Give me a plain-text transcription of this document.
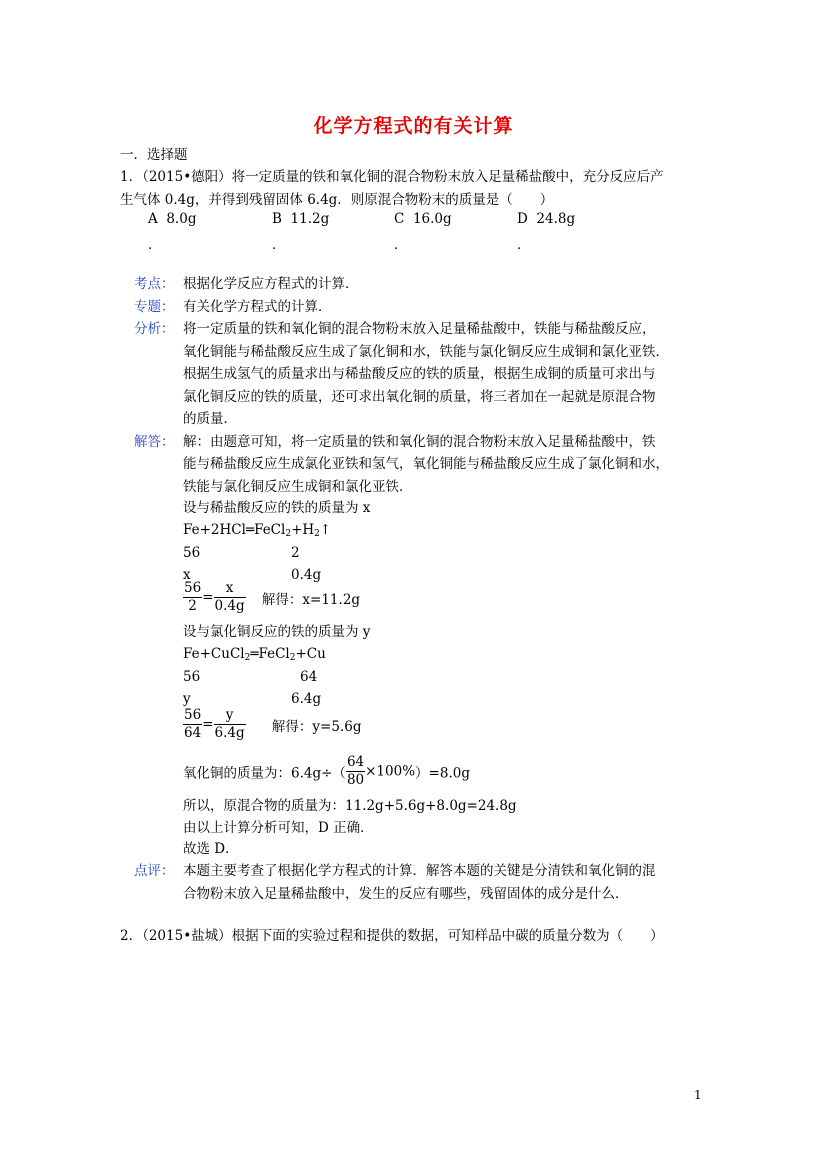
化学方程式的有关计算
一．选择题
1．（2015•德阳）将一定质量的铁和氧化铜的混合物粉末放入足量稀盐酸中，充分反应后产
生气体 0.4g，并得到残留固体 6.4g．则原混合物粉末的质量是（　　）
A 8.0g
．
B 11.2g
．
C 16.0g
．
D 24.8g
．
考点： 根据化学反应方程式的计算．
专题： 有关化学方程式的计算．
分析： 将一定质量的铁和氧化铜的混合物粉末放入足量稀盐酸中，铁能与稀盐酸反应，
氧化铜能与稀盐酸反应生成了氯化铜和水，铁能与氯化铜反应生成铜和氯化亚铁．
根据生成氢气的质量求出与稀盐酸反应的铁的质量，根据生成铜的质量可求出与
氯化铜反应的铁的质量，还可求出氧化铜的质量，将三者加在一起就是原混合物
的质量．
解答： 解：由题意可知，将一定质量的铁和氧化铜的混合物粉末放入足量稀盐酸中，铁
能与稀盐酸反应生成氯化亚铁和氢气，氧化铜能与稀盐酸反应生成了氯化铜和水，
铁能与氯化铜反应生成铜和氯化亚铁．
设与稀盐酸反应的铁的质量为 x
$Fe+2HCl═FeCl_2+H_2↑$
56	2
x	0.4g
$\frac{56}{2} = \frac{x}{0.4g}$ 解得：x=11.2g
设与氯化铜反应的铁的质量为 y
Fe+CuCl$_2$═FeCl$_2$+Cu
56	64
y	6.4g
$\frac{56}{64} = \frac{y}{6.4g}$ 解得：y=5.6g
氧化铜的质量为：$6.4g\div( \frac{64}{80} \times 100\%)=8.0g$
所以，原混合物的质量为：11.2g+5.6g+8.0g=24.8g
由以上计算分析可知，D 正确．
故选 D．
点评： 本题主要考查了根据化学方程式的计算．解答本题的关键是分清铁和氧化铜的混
合物粉末放入足量稀盐酸中，发生的反应有哪些，残留固体的成分是什么．
2．（2015•盐城）根据下面的实验过程和提供的数据，可知样品中碳的质量分数为（　　）
1
